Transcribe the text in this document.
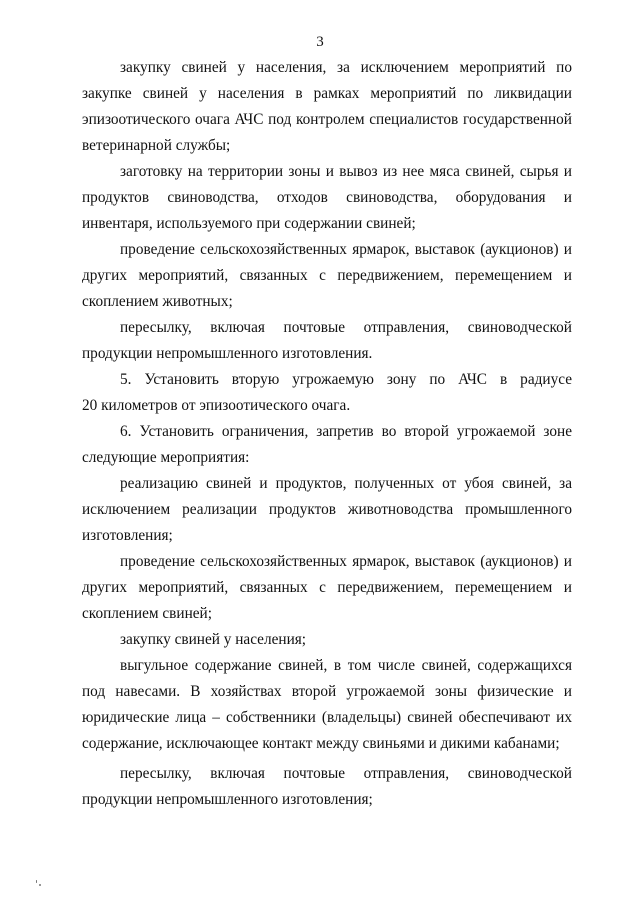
3
закупку свиней у населения, за исключением мероприятий по
закупке свиней у населения в рамках мероприятий по ликвидации
эпизоотического очага АЧС под контролем специалистов государственной
ветеринарной службы;
заготовку на территории зоны и вывоз из нее мяса свиней, сырья и
продуктов свиноводства, отходов свиноводства, оборудования и
инвентаря, используемого при содержании свиней;
проведение сельскохозяйственных ярмарок, выставок (аукционов) и
других мероприятий, связанных с передвижением, перемещением и
скоплением животных;
пересылку, включая почтовые отправления, свиноводческой
продукции непромышленного изготовления.
5. Установить вторую угрожаемую зону по АЧС в радиусе
20 километров от эпизоотического очага.
6. Установить ограничения, запретив во второй угрожаемой зоне
следующие мероприятия:
реализацию свиней и продуктов, полученных от убоя свиней, за
исключением реализации продуктов животноводства промышленного
изготовления;
проведение сельскохозяйственных ярмарок, выставок (аукционов) и
других мероприятий, связанных с передвижением, перемещением и
скоплением свиней;
закупку свиней у населения;
выгульное содержание свиней, в том числе свиней, содержащихся
под навесами. В хозяйствах второй угрожаемой зоны физические и
юридические лица – собственники (владельцы) свиней обеспечивают их
содержание, исключающее контакт между свиньями и дикими кабанами;
пересылку, включая почтовые отправления, свиноводческой
продукции непромышленного изготовления;
